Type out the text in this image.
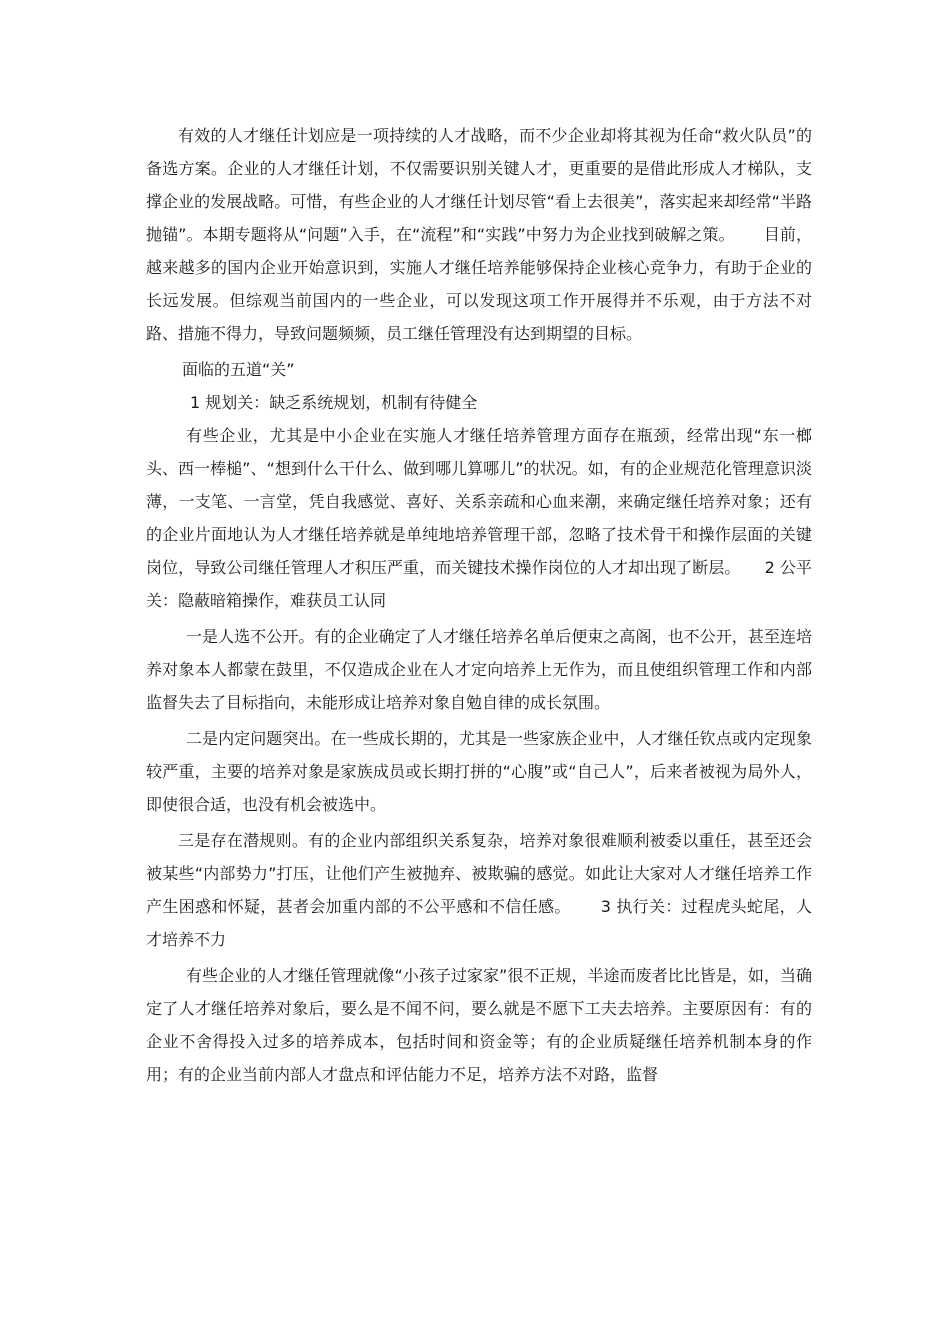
有效的人才继任计划应是一项持续的人才战略，而不少企业却将其视为任命“救火队员”的备选方案。企业的人才继任计划，不仅需要识别关键人才，更重要的是借此形成人才梯队，支撑企业的发展战略。可惜，有些企业的人才继任计划尽管“看上去很美”，落实起来却经常“半路抛锚”。本期专题将从“问题”入手，在“流程”和“实践”中努力为企业找到破解之策。　　 目前，越来越多的国内企业开始意识到，实施人才继任培养能够保持企业核心竞争力，有助于企业的长远发展。但综观当前国内的一些企业，可以发现这项工作开展得并不乐观，由于方法不对路、措施不得力，导致问题频频，员工继任管理没有达到期望的目标。

面临的五道“关”

1 规划关：缺乏系统规划，机制有待健全

有些企业，尤其是中小企业在实施人才继任培养管理方面存在瓶颈，经常出现“东一榔头、西一棒槌”、“想到什么干什么、做到哪儿算哪儿”的状况。如，有的企业规范化管理意识淡薄，一支笔、一言堂，凭自我感觉、喜好、关系亲疏和心血来潮，来确定继任培养对象；还有的企业片面地认为人才继任培养就是单纯地培养管理干部，忽略了技术骨干和操作层面的关键岗位，导致公司继任管理人才积压严重，而关键技术操作岗位的人才却出现了断层。　　2 公平关：隐蔽暗箱操作，难获员工认同

一是人选不公开。有的企业确定了人才继任培养名单后便束之高阁，也不公开，甚至连培养对象本人都蒙在鼓里，不仅造成企业在人才定向培养上无作为，而且使组织管理工作和内部监督失去了目标指向，未能形成让培养对象自勉自律的成长氛围。

二是内定问题突出。在一些成长期的，尤其是一些家族企业中，人才继任钦点或内定现象较严重，主要的培养对象是家族成员或长期打拼的“心腹”或“自己人”，后来者被视为局外人，即使很合适，也没有机会被选中。

三是存在潜规则。有的企业内部组织关系复杂，培养对象很难顺利被委以重任，甚至还会被某些“内部势力”打压，让他们产生被抛弃、被欺骗的感觉。如此让大家对人才继任培养工作产生困惑和怀疑，甚者会加重内部的不公平感和不信任感。　　 3 执行关：过程虎头蛇尾，人才培养不力

有些企业的人才继任管理就像“小孩子过家家”很不正规，半途而废者比比皆是，如，当确定了人才继任培养对象后，要么是不闻不问，要么就是不愿下工夫去培养。主要原因有：有的企业不舍得投入过多的培养成本，包括时间和资金等；有的企业质疑继任培养机制本身的作用；有的企业当前内部人才盘点和评估能力不足，培养方法不对路，监督
